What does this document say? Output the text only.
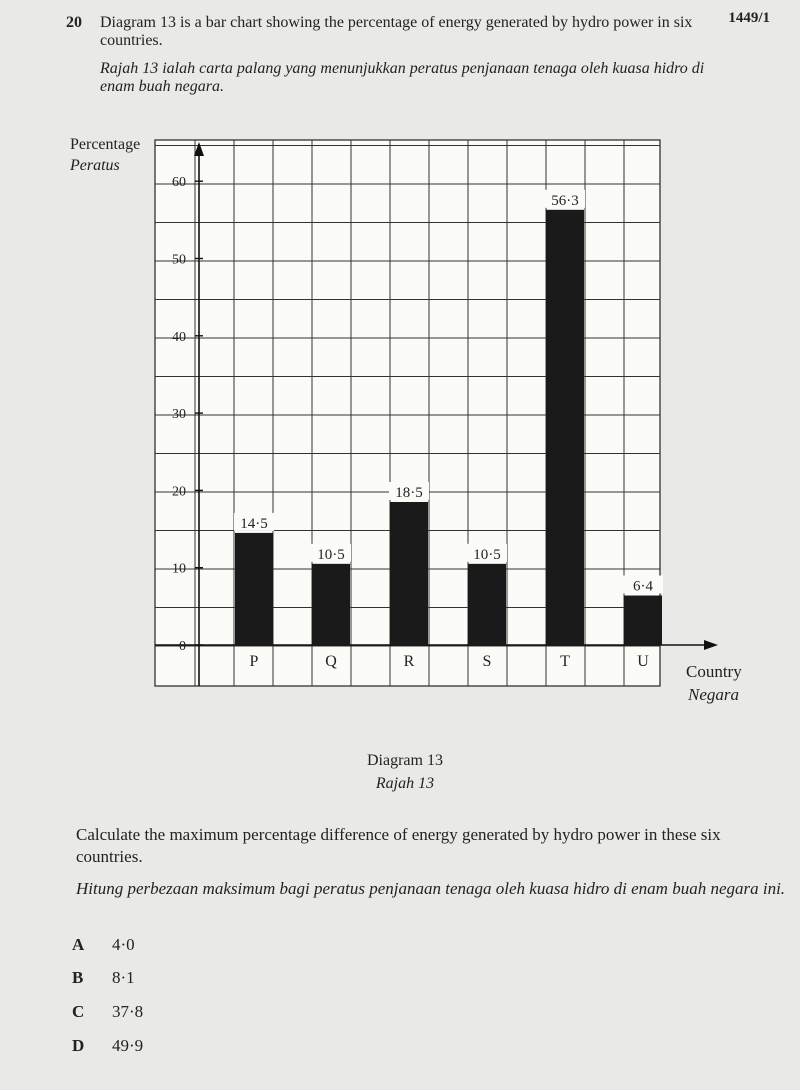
1449/1
20 Diagram 13 is a bar chart showing the percentage of energy generated by hydro power in six countries.
Rajah 13 ialah carta palang yang menunjukkan peratus penjanaan tenaga oleh kuasa hidro di enam buah negara.
Percentage
Peratus
0
10
20
30
40
50
60
14·5
P
10·5
Q
18·5
R
10·5
S
56·3
T
6·4
U
Country
Negara
Diagram 13
Rajah 13
Calculate the maximum percentage difference of energy generated by hydro power in these six countries.
Hitung perbezaan maksimum bagi peratus penjanaan tenaga oleh kuasa hidro di enam buah negara ini.
A 4·0
B 8·1
C 37·8
D 49·9
